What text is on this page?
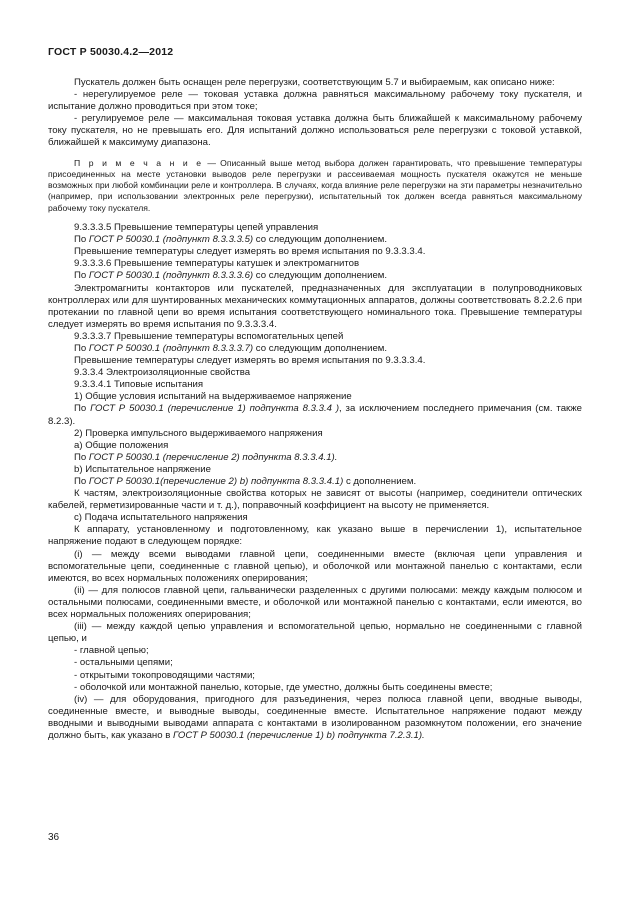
ГОСТ Р 50030.4.2—2012

Пускатель должен быть оснащен реле перегрузки, соответствующим 5.7 и выбираемым, как описано ниже:

- нерегулируемое реле — токовая уставка должна равняться максимальному рабочему току пускателя, и испытание должно проводиться при этом токе;

- регулируемое реле — максимальная токовая уставка должна быть ближайшей к максимальному рабочему току пускателя, но не превышать его. Для испытаний должно использоваться реле перегрузки с токовой уставкой, ближайшей к максимуму диапазона.

П р и м е ч а н и е — Описанный выше метод выбора должен гарантировать, что превышение температуры присоединенных на месте установки выводов реле перегрузки и рассеиваемая мощность пускателя окажутся не меньше возможных при любой комбинации реле и контроллера. В случаях, когда влияние реле перегрузки на эти параметры незначительно (например, при использовании электронных реле перегрузки), испытательный ток должен всегда равняться максимальному рабочему току пускателя.

9.3.3.3.5 Превышение температуры цепей управления

По ГОСТ Р 50030.1 (подпункт 8.3.3.3.5) со следующим дополнением.

Превышение температуры следует измерять во время испытания по 9.3.3.3.4.

9.3.3.3.6 Превышение температуры катушек и электромагнитов

По ГОСТ Р 50030.1 (подпункт 8.3.3.3.6) со следующим дополнением.

Электромагниты контакторов или пускателей, предназначенных для эксплуатации в полупроводниковых контроллерах или для шунтированных механических коммутационных аппаратов, должны соответствовать 8.2.2.6 при протекании по главной цепи во время испытания соответствующего номинального тока. Превышение температуры следует измерять во время испытания по 9.3.3.3.4.

9.3.3.3.7 Превышение температуры вспомогательных цепей

По ГОСТ Р 50030.1 (подпункт 8.3.3.3.7) со следующим дополнением.

Превышение температуры следует измерять во время испытания по 9.3.3.3.4.

9.3.3.4 Электроизоляционные свойства

9.3.3.4.1 Типовые испытания

1) Общие условия испытаний на выдерживаемое напряжение

По ГОСТ Р 50030.1 (перечисление 1) подпункта 8.3.3.4 ), за исключением последнего примечания (см. также 8.2.3).

2) Проверка импульсного выдерживаемого напряжения

a) Общие положения

По ГОСТ Р 50030.1 (перечисление 2) подпункта 8.3.3.4.1).

b) Испытательное напряжение

По ГОСТ Р 50030.1(перечисление 2) b) подпункта 8.3.3.4.1) с дополнением.

К частям, электроизоляционные свойства которых не зависят от высоты (например, соединители оптических кабелей, герметизированные части и т. д.), поправочный коэффициент на высоту не применяется.

c) Подача испытательного напряжения

К аппарату, установленному и подготовленному, как указано выше в перечислении 1), испытательное напряжение подают в следующем порядке:

(i) — между всеми выводами главной цепи, соединенными вместе (включая цепи управления и вспомогательные цепи, соединенные с главной цепью), и оболочкой или монтажной панелью с контактами, если имеются, во всех нормальных положениях оперирования;

(ii) — для полюсов главной цепи, гальванически разделенных с другими полюсами: между каждым полюсом и остальными полюсами, соединенными вместе, и оболочкой или монтажной панелью с контактами, если имеются, во всех нормальных положениях оперирования;

(iii) — между каждой цепью управления и вспомогательной цепью, нормально не соединенными с главной цепью, и

- главной цепью;

- остальными цепями;

- открытыми токопроводящими частями;

- оболочкой или монтажной панелью, которые, где уместно, должны быть соединены вместе;

(iv) — для оборудования, пригодного для разъединения, через полюса главной цепи, вводные выводы, соединенные вместе, и выводные выводы, соединенные вместе. Испытательное напряжение подают между вводными и выводными выводами аппарата с контактами в изолированном разомкнутом положении, его значение должно быть, как указано в ГОСТ Р 50030.1 (перечисление 1) b) подпункта 7.2.3.1).

36
